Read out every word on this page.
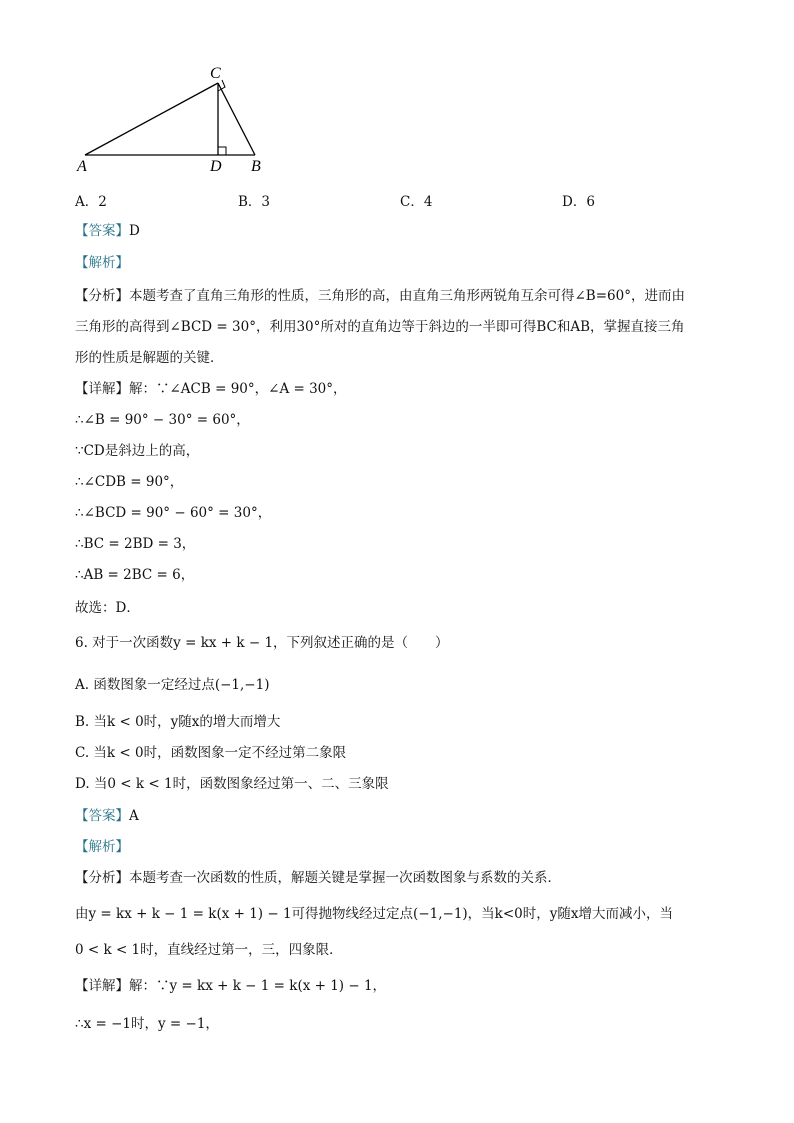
A
C
D B
A．2	B．3	C．4	D．6
【答案】D
【解析】
【分析】本题考查了直角三角形的性质，三角形的高，由直角三角形两锐角互余可得∠B=60°，进而由
三角形的高得到∠BCD = 30°，利用30°所对的直角边等于斜边的一半即可得BC和AB，掌握直接三角
形的性质是解题的关键．
【详解】解：∵∠ACB = 90°，∠A = 30°，
∴∠B = 90° − 30° = 60°，
∵CD是斜边上的高，
∴∠CDB = 90°，
∴∠BCD = 90° − 60° = 30°，
∴BC = 2BD = 3，
∴AB = 2BC = 6，
故选：D．
6. 对于一次函数y = kx + k − 1，下列叙述正确的是（　　）
A. 函数图象一定经过点(−1,−1)
B. 当k < 0时，y随x的增大而增大
C. 当k < 0时，函数图象一定不经过第二象限
D. 当0 < k < 1时，函数图象经过第一、二、三象限
【答案】A
【解析】
【分析】本题考查一次函数的性质，解题关键是掌握一次函数图象与系数的关系．
由y = kx + k − 1 = k(x + 1) − 1可得抛物线经过定点(−1,−1)，当k<0时，y随x增大而减小，当
0 < k < 1时，直线经过第一，三，四象限．
【详解】解：∵y = kx + k − 1 = k(x + 1) − 1，
∴x = −1时，y = −1，
